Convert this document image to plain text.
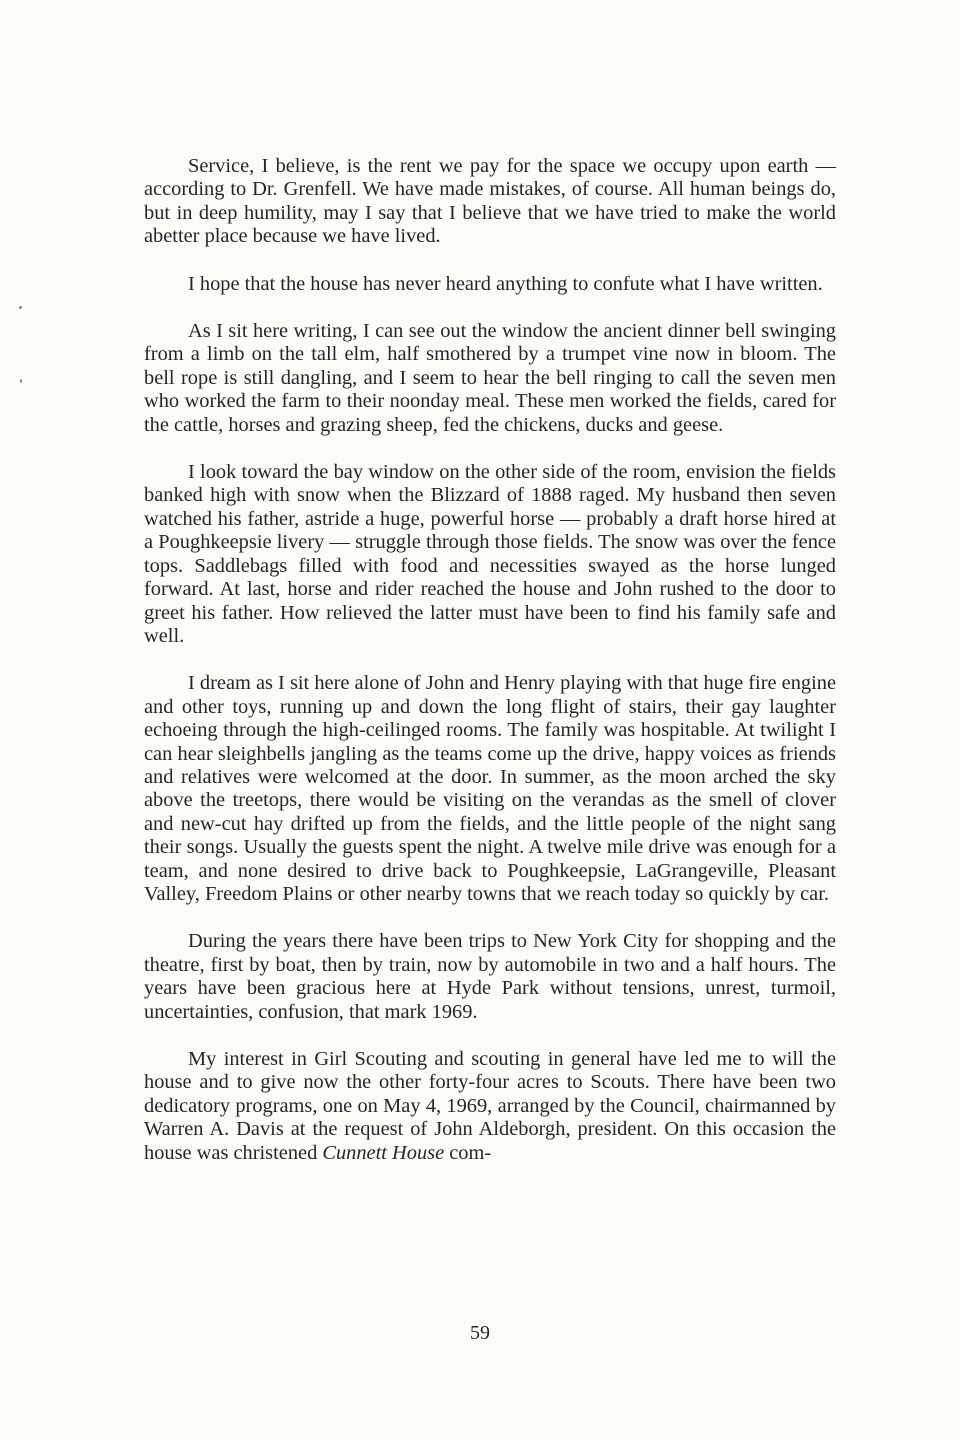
Service, I believe, is the rent we pay for the space we occupy upon earth — according to Dr. Grenfell. We have made mistakes, of course. All human beings do, but in deep humility, may I say that I believe that we have tried to make the world abetter place because we have lived.

I hope that the house has never heard anything to confute what I have written.

As I sit here writing, I can see out the window the ancient dinner bell swinging from a limb on the tall elm, half smothered by a trumpet vine now in bloom. The bell rope is still dangling, and I seem to hear the bell ringing to call the seven men who worked the farm to their noonday meal. These men worked the fields, cared for the cattle, horses and grazing sheep, fed the chickens, ducks and geese.

I look toward the bay window on the other side of the room, envision the fields banked high with snow when the Blizzard of 1888 raged. My husband then seven watched his father, astride a huge, powerful horse — probably a draft horse hired at a Poughkeepsie livery — struggle through those fields. The snow was over the fence tops. Saddlebags filled with food and necessities swayed as the horse lunged forward. At last, horse and rider reached the house and John rushed to the door to greet his father. How relieved the latter must have been to find his family safe and well.

I dream as I sit here alone of John and Henry playing with that huge fire engine and other toys, running up and down the long flight of stairs, their gay laughter echoeing through the high-ceilinged rooms. The family was hospitable. At twilight I can hear sleighbells jangling as the teams come up the drive, happy voices as friends and relatives were welcomed at the door. In summer, as the moon arched the sky above the treetops, there would be visiting on the verandas as the smell of clover and new-cut hay drifted up from the fields, and the little people of the night sang their songs. Usually the guests spent the night. A twelve mile drive was enough for a team, and none desired to drive back to Poughkeepsie, LaGrangeville, Pleasant Valley, Freedom Plains or other nearby towns that we reach today so quickly by car.

During the years there have been trips to New York City for shopping and the theatre, first by boat, then by train, now by automobile in two and a half hours. The years have been gracious here at Hyde Park without tensions, unrest, turmoil, uncertainties, confusion, that mark 1969.

My interest in Girl Scouting and scouting in general have led me to will the house and to give now the other forty-four acres to Scouts. There have been two dedicatory programs, one on May 4, 1969, arranged by the Council, chairmanned by Warren A. Davis at the request of John Aldeborgh, president. On this occasion the house was christened Cunnett House com-

59
